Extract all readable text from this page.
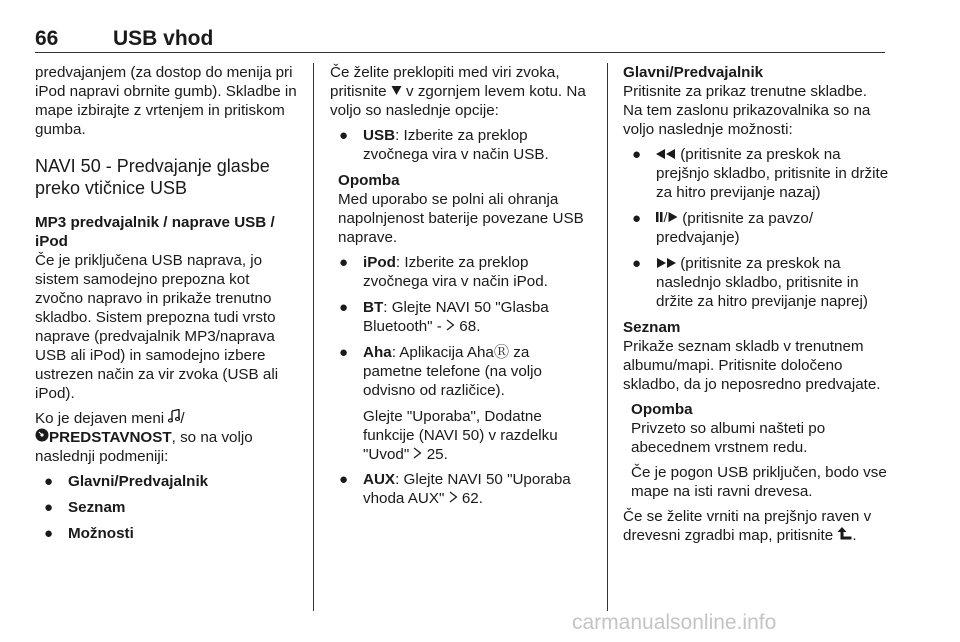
66	USB vhod

predvajanjem (za dostop do menija pri iPod napravi obrnite gumb). Skladbe in mape izbirajte z vrtenjem in pritiskom gumba.

NAVI 50 - Predvajanje glasbe preko vtičnice USB

MP3 predvajalnik / naprave USB / iPod

Če je priključena USB naprava, jo sistem samodejno prepozna kot zvočno napravo in prikaže trenutno skladbo. Sistem prepozna tudi vrsto naprave (predvajalnik MP3/naprava USB ali iPod) in samodejno izbere ustrezen način za vir zvoka (USB ali iPod).

Ko je dejaven meni /
PREDSTAVNOST, so na voljo naslednji podmeniji:

● Glavni/Predvajalnik
● Seznam
● Možnosti

Če želite preklopiti med viri zvoka, pritisnite  v zgornjem levem kotu. Na voljo so naslednje opcije:

● USB: Izberite za preklop zvočnega vira v način USB.
Opomba

Med uporabo se polni ali ohranja napolnjenost baterije povezane USB naprave.

● iPod: Izberite za preklop zvočnega vira v način iPod.
● BT: Glejte NAVI 50 "Glasba Bluetooth" -  68.
● Aha: Aplikacija AhaⓇ za pametne telefone (na voljo odvisno od različice).

Glejte "Uporaba", Dodatne funkcije (NAVI 50) v razdelku "Uvod"  25.

● AUX: Glejte NAVI 50 "Uporaba vhoda AUX"  62.

Glavni/Predvajalnik

Pritisnite za prikaz trenutne skladbe. Na tem zaslonu prikazovalnika so na voljo naslednje možnosti:

● (pritisnite za preskok na prejšnjo skladbo, pritisnite in držite za hitro previjanje nazaj)
● (pritisnite za pavzo/ predvajanje)
● (pritisnite za preskok na naslednjo skladbo, pritisnite in držite za hitro previjanje naprej)

Seznam

Prikaže seznam skladb v trenutnem albumu/mapi. Pritisnite določeno skladbo, da jo neposredno predvajate.

Opomba

Privzeto so albumi našteti po abecednem vrstnem redu.

Če je pogon USB priključen, bodo vse mape na isti ravni drevesa.

Če se želite vrniti na prejšnjo raven v drevesni zgradbi map, pritisnite .

carmanualsonline.info
